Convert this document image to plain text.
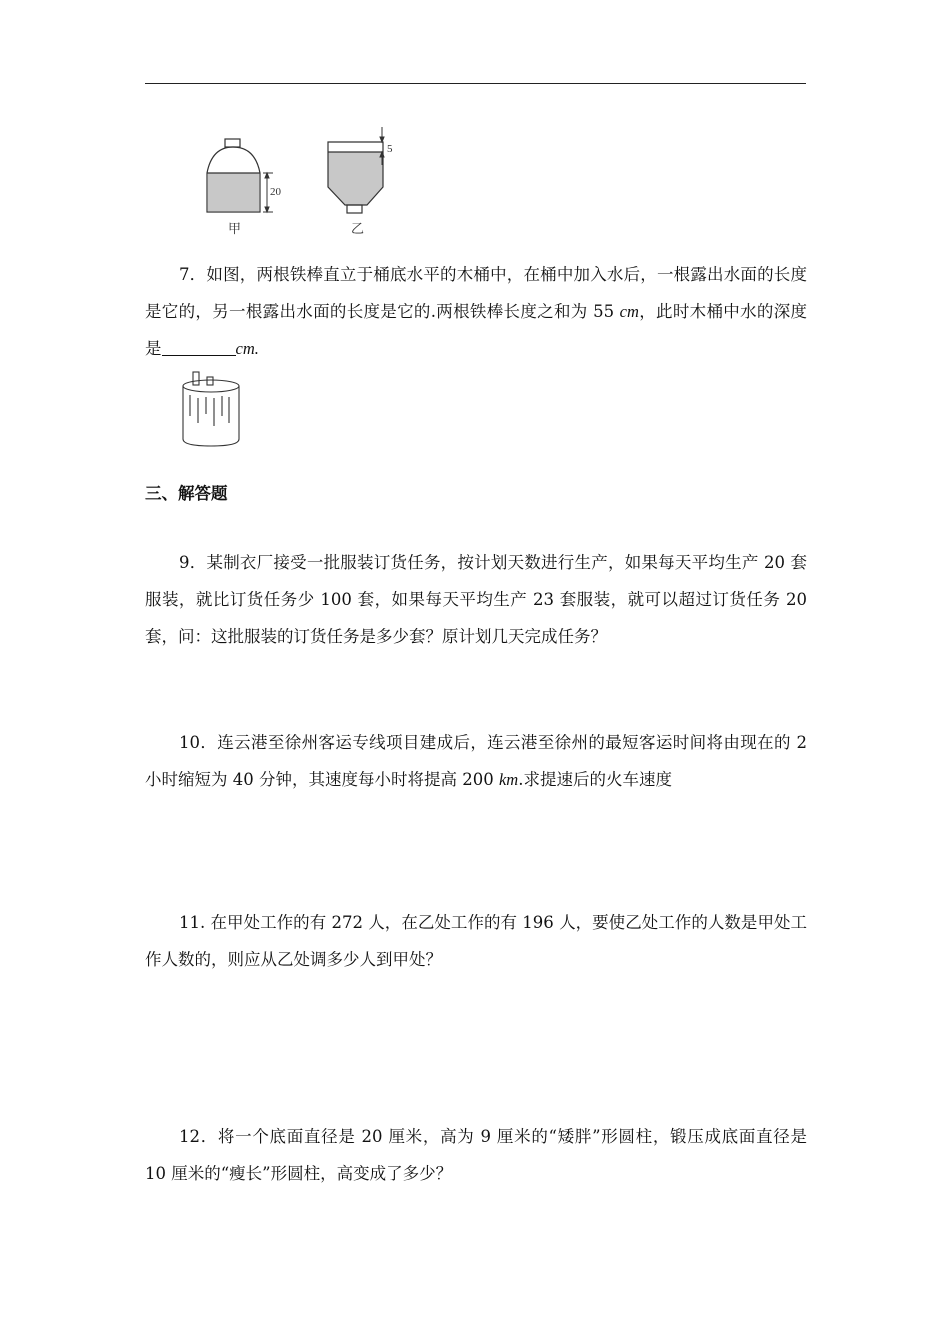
20
5
甲	乙

7．如图，两根铁棒直立于桶底水平的木桶中，在桶中加入水后，一根露出水面的长度是它的，另一根露出水面的长度是它的.两根铁棒长度之和为 55 cm，此时木桶中水的深度是	cm.

三、解答题

9．某制衣厂接受一批服装订货任务，按计划天数进行生产，如果每天平均生产 20 套服装，就比订货任务少 100 套，如果每天平均生产 23 套服装，就可以超过订货任务 20 套，问：这批服装的订货任务是多少套？原计划几天完成任务？

10．连云港至徐州客运专线项目建成后，连云港至徐州的最短客运时间将由现在的 2 小时缩短为 40 分钟，其速度每小时将提高 200 km.求提速后的火车速度

11. 在甲处工作的有 272 人，在乙处工作的有 196 人，要使乙处工作的人数是甲处工作人数的，则应从乙处调多少人到甲处？

12．将一个底面直径是 20 厘米，高为 9 厘米的“矮胖”形圆柱，锻压成底面直径是 10 厘米的“瘦长”形圆柱，高变成了多少？
